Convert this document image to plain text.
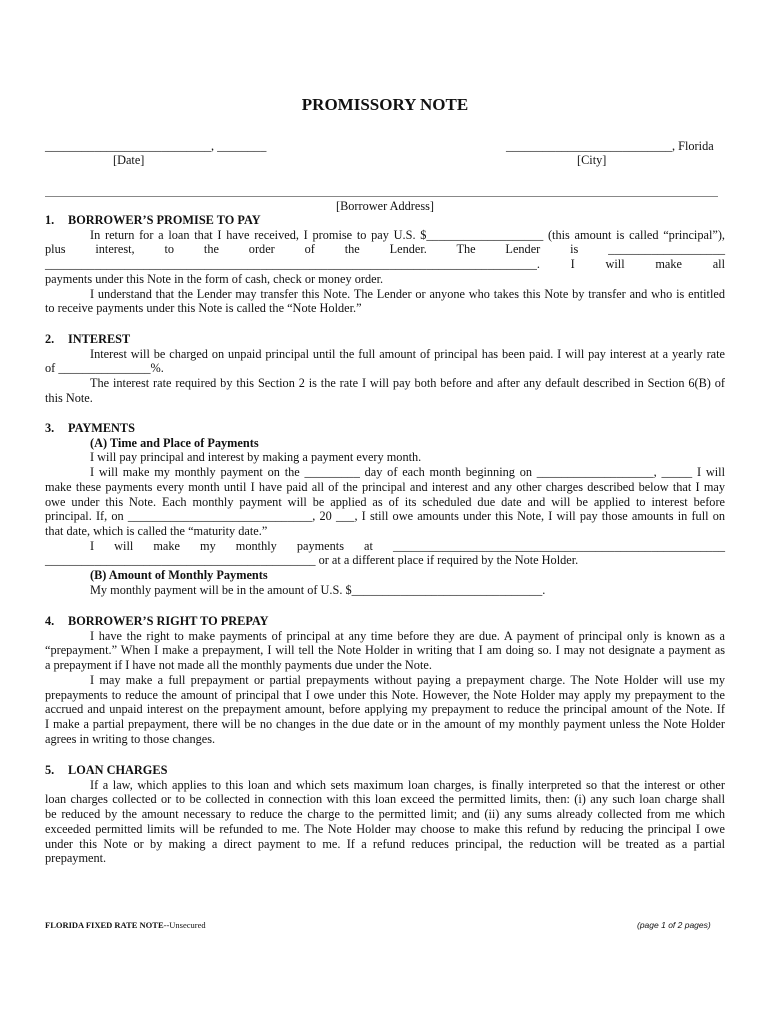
PROMISSORY NOTE
___________________________, ________
[Date]
___________________________, Florida
[City]
[Borrower Address]

1. BORROWER’S PROMISE TO PAY

In return for a loan that I have received, I promise to pay U.S. $___________________ (this amount is called “principal”),

plus interest, to the order of the Lender. The Lender is ___________________

________________________________________________________________________________. I will make all

payments under this Note in the form of cash, check or money order.

I understand that the Lender may transfer this Note. The Lender or anyone who takes this Note by transfer and who is entitled

to receive payments under this Note is called the “Note Holder.”

2. INTEREST

Interest will be charged on unpaid principal until the full amount of principal has been paid. I will pay interest at a yearly rate

of _______________%.

The interest rate required by this Section 2 is the rate I will pay both before and after any default described in Section 6(B) of

this Note.

3. PAYMENTS

(A) Time and Place of Payments

I will pay principal and interest by making a payment every month.

I will make my monthly payment on the _________ day of each month beginning on ___________________, _____ I will

make these payments every month until I have paid all of the principal and interest and any other charges described below that I may

owe under this Note. Each monthly payment will be applied as of its scheduled due date and will be applied to interest before

principal. If, on ______________________________, 20 ___, I still owe amounts under this Note, I will pay those amounts in full on

that date, which is called the “maturity date.”

I will make my monthly payments at ______________________________________________________

____________________________________________ or at a different place if required by the Note Holder.

(B) Amount of Monthly Payments

My monthly payment will be in the amount of U.S. $_______________________________.

4. BORROWER’S RIGHT TO PREPAY

I have the right to make payments of principal at any time before they are due. A payment of principal only is known as a

“prepayment.” When I make a prepayment, I will tell the Note Holder in writing that I am doing so. I may not designate a payment as

a prepayment if I have not made all the monthly payments due under the Note.

I may make a full prepayment or partial prepayments without paying a prepayment charge. The Note Holder will use my

prepayments to reduce the amount of principal that I owe under this Note. However, the Note Holder may apply my prepayment to the

accrued and unpaid interest on the prepayment amount, before applying my prepayment to reduce the principal amount of the Note. If

I make a partial prepayment, there will be no changes in the due date or in the amount of my monthly payment unless the Note Holder

agrees in writing to those changes.

5. LOAN CHARGES

If a law, which applies to this loan and which sets maximum loan charges, is finally interpreted so that the interest or other

loan charges collected or to be collected in connection with this loan exceed the permitted limits, then: (i) any such loan charge shall

be reduced by the amount necessary to reduce the charge to the permitted limit; and (ii) any sums already collected from me which

exceeded permitted limits will be refunded to me. The Note Holder may choose to make this refund by reducing the principal I owe

under this Note or by making a direct payment to me. If a refund reduces principal, the reduction will be treated as a partial

prepayment.

FLORIDA FIXED RATE NOTE--Unsecured	(page 1 of 2 pages)
